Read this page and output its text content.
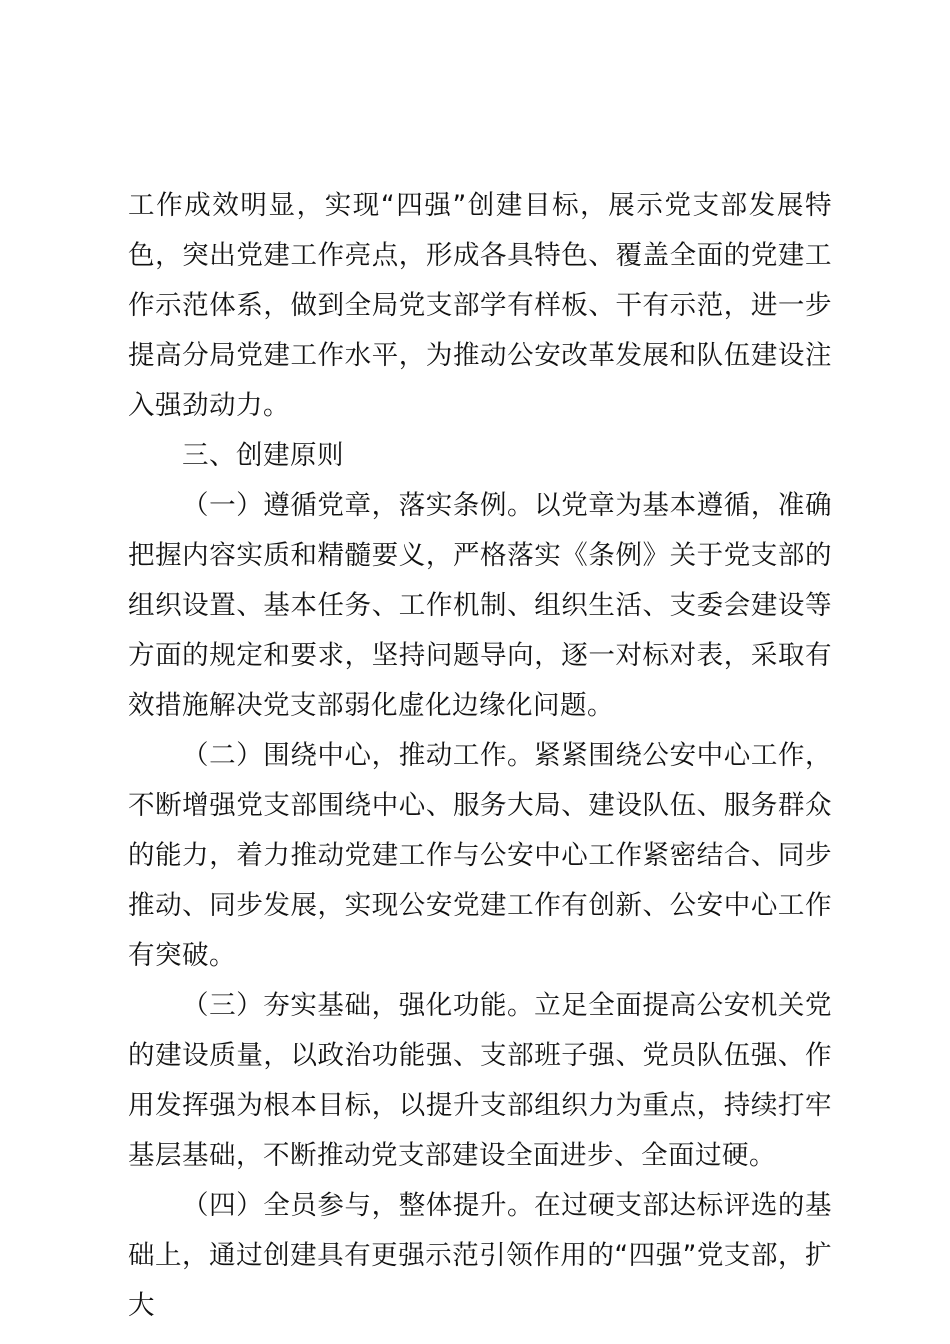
工作成效明显，实现“四强”创建目标，展示党支部发展特色，突出党建工作亮点，形成各具特色、覆盖全面的党建工作示范体系，做到全局党支部学有样板、干有示范，进一步提高分局党建工作水平，为推动公安改革发展和队伍建设注入强劲动力。

三、创建原则

（一）遵循党章，落实条例。以党章为基本遵循，准确把握内容实质和精髓要义，严格落实《条例》关于党支部的组织设置、基本任务、工作机制、组织生活、支委会建设等方面的规定和要求，坚持问题导向，逐一对标对表，采取有效措施解决党支部弱化虚化边缘化问题。

（二）围绕中心，推动工作。紧紧围绕公安中心工作，不断增强党支部围绕中心、服务大局、建设队伍、服务群众的能力，着力推动党建工作与公安中心工作紧密结合、同步推动、同步发展，实现公安党建工作有创新、公安中心工作有突破。

（三）夯实基础，强化功能。立足全面提高公安机关党的建设质量，以政治功能强、支部班子强、党员队伍强、作用发挥强为根本目标，以提升支部组织力为重点，持续打牢基层基础，不断推动党支部建设全面进步、全面过硬。

（四）全员参与，整体提升。在过硬支部达标评选的基础上，通过创建具有更强示范引领作用的“四强”党支部，扩大
